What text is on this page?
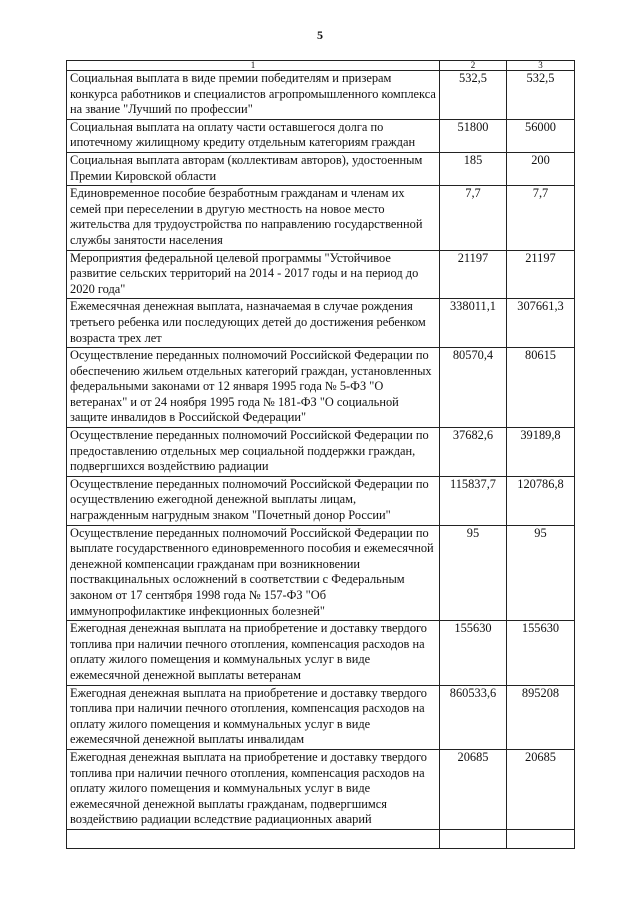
5
1	2	3
Социальная выплата в виде премии победителям и призерам конкурса работников и специалистов агропромышленного комплекса на звание "Лучший по профессии"	532,5	532,5
Социальная выплата на оплату части оставшегося долга по ипотечному жилищному кредиту отдельным категориям граждан	51800	56000
Социальная выплата авторам (коллективам авторов), удостоенным Премии Кировской области	185	200
Единовременное пособие безработным гражданам и членам их семей при переселении в другую местность на новое место жительства для трудоустройства по направлению государственной службы занятости населения	7,7	7,7
Мероприятия федеральной целевой программы "Устойчивое развитие сельских территорий на 2014 - 2017 годы и на период до 2020 года"	21197	21197
Ежемесячная денежная выплата, назначаемая в случае рождения третьего ребенка или последующих детей до достижения ребенком возраста трех лет	338011,1	307661,3
Осуществление переданных полномочий Российской Федерации по обеспечению жильем отдельных категорий граждан, установленных федеральными законами от 12 января 1995 года № 5-ФЗ "О ветеранах" и от 24 ноября 1995 года № 181-ФЗ "О социальной защите инвалидов в Российской Федерации"	80570,4	80615
Осуществление переданных полномочий Российской Федерации по предоставлению отдельных мер социальной поддержки граждан, подвергшихся воздействию радиации	37682,6	39189,8
Осуществление переданных полномочий Российской Федерации по осуществлению ежегодной денежной выплаты лицам, награжденным нагрудным знаком "Почетный донор России"	115837,7	120786,8
Осуществление переданных полномочий Российской Федерации по выплате государственного единовременного пособия и ежемесячной денежной компенсации гражданам при возникновении поствакцинальных осложнений в соответствии с Федеральным законом от 17 сентября 1998 года № 157-ФЗ "Об иммунопрофилактике инфекционных болезней"	95	95
Ежегодная денежная выплата на приобретение и доставку твердого топлива при наличии печного отопления, компенсация расходов на оплату жилого помещения и коммунальных услуг в виде ежемесячной денежной выплаты ветеранам	155630	155630
Ежегодная денежная выплата на приобретение и доставку твердого топлива при наличии печного отопления, компенсация расходов на оплату жилого помещения и коммунальных услуг в виде ежемесячной денежной выплаты инвалидам	860533,6	895208
Ежегодная денежная выплата на приобретение и доставку твердого топлива при наличии печного отопления, компенсация расходов на оплату жилого помещения и коммунальных услуг в виде ежемесячной денежной выплаты гражданам, подвергшимся воздействию радиации вследствие радиационных аварий	20685	20685
